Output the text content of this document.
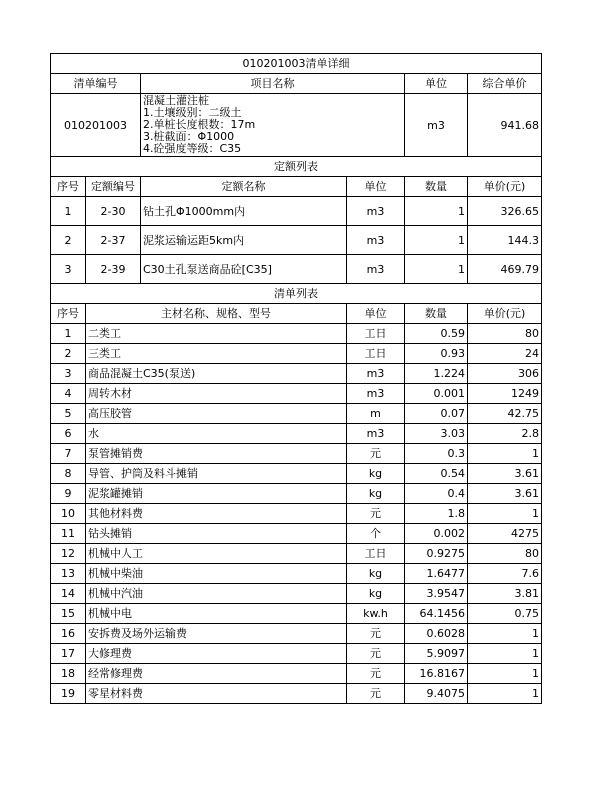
010201003清单详细						
清单编号		项目名称		单位	综合单价	
010201003		混凝土灌注桩
1.土壤级别：二级土
2.单桩长度根数：17m
3.桩截面：Φ1000
4.砼强度等级：C35		m3	941.68	
定额列表						
序号	定额编号	定额名称	单位	数量	单价(元)	
1	2-30	钻土孔Φ1000mm内	m3	1	326.65	
2	2-37	泥浆运输运距5km内	m3	1	144.3	
3	2-39	C30土孔泵送商品砼[C35]	m3	1	469.79	
清单列表						
序号	主材名称、规格、型号		单位	数量	单价(元)	
1	二类工		工日	0.59	80	
2	三类工		工日	0.93	24	
3	商品混凝土C35(泵送)		m3	1.224	306	
4	周转木材		m3	0.001	1249	
5	高压胶管		m	0.07	42.75	
6	水		m3	3.03	2.8	
7	泵管摊销费		元	0.3	1	
8	导管、护筒及料斗摊销		kg	0.54	3.61	
9	泥浆罐摊销		kg	0.4	3.61	
10	其他材料费		元	1.8	1	
11	钻头摊销		个	0.002	4275	
12	机械中人工		工日	0.9275	80	
13	机械中柴油		kg	1.6477	7.6	
14	机械中汽油		kg	3.9547	3.81	
15	机械中电		kw.h	64.1456	0.75	
16	安拆费及场外运输费		元	0.6028	1	
17	大修理费		元	5.9097	1	
18	经常修理费		元	16.8167	1	
19	零星材料费		元	9.4075	1	
